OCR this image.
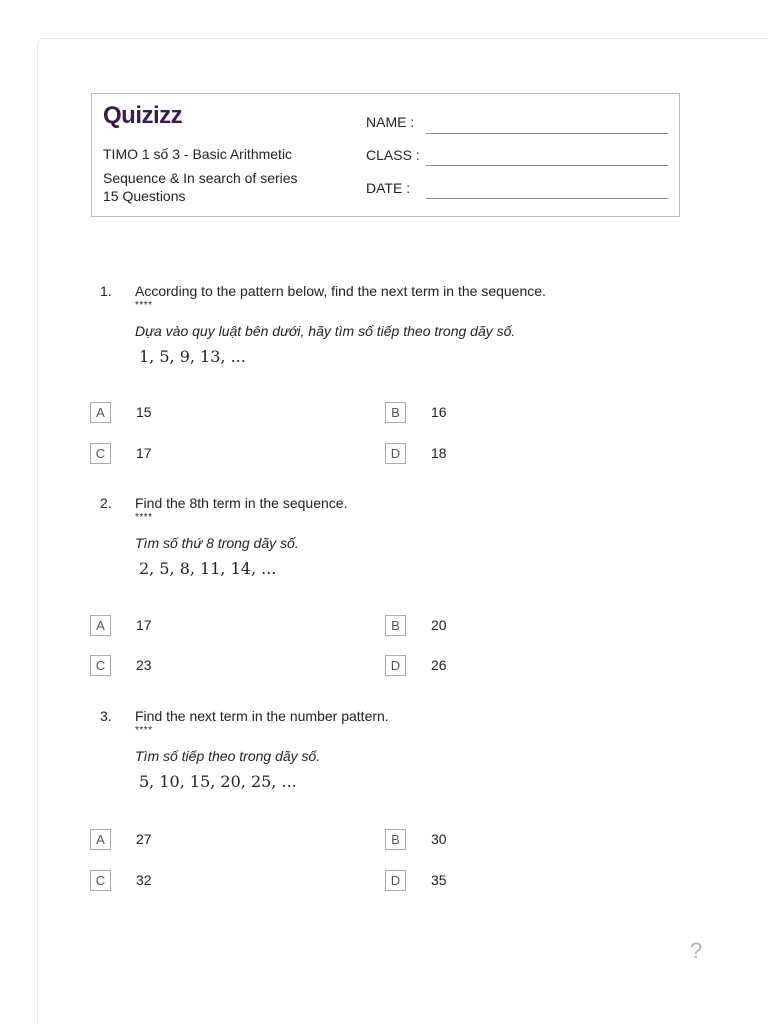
Quizizz
TIMO 1 số 3 - Basic Arithmetic
Sequence & In search of series
15 Questions
NAME :
CLASS :
DATE :
1. According to the pattern below, find the next term in the sequence.
****
Dựa vào quy luật bên dưới, hãy tìm số tiếp theo trong dãy số.
1, 5, 9, 13, ...
A	15	B	16
C	17	D	18
2. Find the 8th term in the sequence.
****
Tìm số thứ 8 trong dãy số.
2, 5, 8, 11, 14, ...
A	17	B	20
C	23	D	26
3. Find the next term in the number pattern.
****
Tìm số tiếp theo trong dãy số.
5, 10, 15, 20, 25, ...
A	27	B	30
C	32	D	35
?
